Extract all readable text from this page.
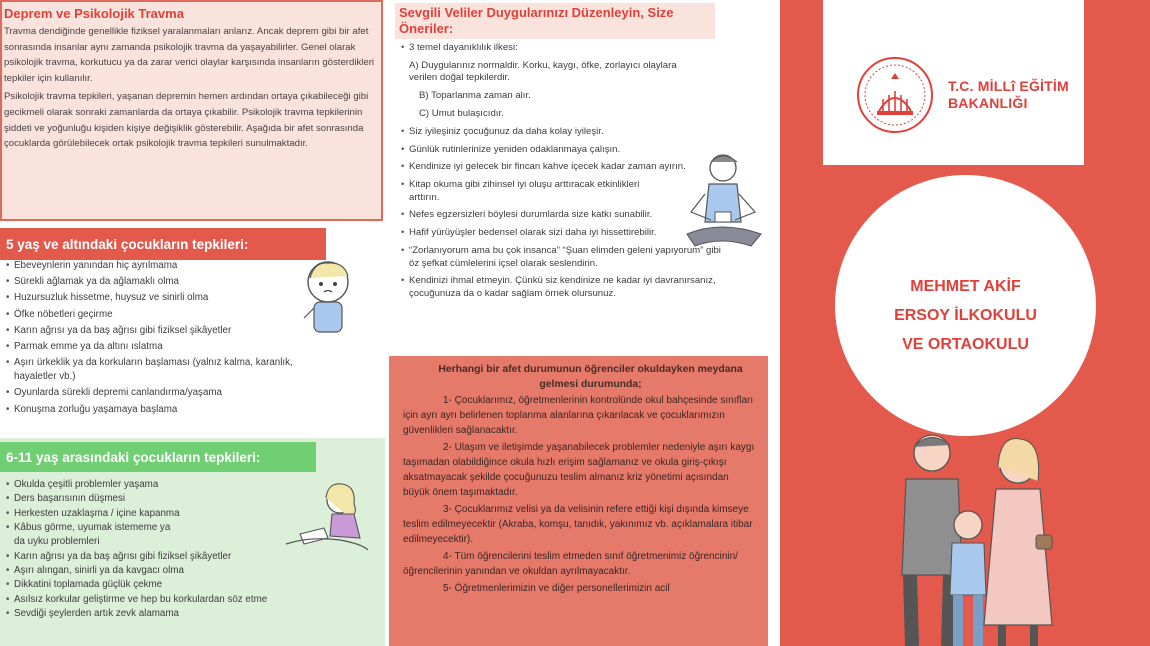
Deprem ve Psikolojik Travma

Travma dendiğinde genellikle fiziksel yaralanmaları anlarız. Ancak deprem gibi bir afet sonrasında insanlar aynı zamanda psikolojik travma da yaşayabilirler. Genel olarak psikolojik travma, korkutucu ya da zarar verici olaylar karşısında insanların gösterdikleri tepkiler için kullanılır.

Psikolojik travma tepkileri, yaşanan depremin hemen ardından ortaya çıkabileceği gibi gecikmeli olarak sonraki zamanlarda da ortaya çıkabilir. Psikolojik travma tepkilerinin şiddeti ve yoğunluğu kişiden kişiye değişiklik gösterebilir. Aşağıda bir afet sonrasında çocuklarda görülebilecek ortak psikolojik travma tepkileri sunulmaktadır.

5 yaş ve altındaki çocukların tepkileri:
• Ebeveynlerin yanından hiç ayrılmama
• Sürekli ağlamak ya da ağlamaklı olma
• Huzursuzluk hissetme, huysuz ve sinirli olma
• Öfke nöbetleri geçirme
• Karın ağrısı ya da baş ağrısı gibi fiziksel şikâyetler
• Parmak emme ya da altını ıslatma
• Aşırı ürkeklik ya da korkuların başlaması (yalnız kalma, karanlık, hayaletler vb.)
• Oyunlarda sürekli depremi canlandırma/yaşama
• Konuşma zorluğu yaşamaya başlama
6-11 yaş arasındaki çocukların tepkileri:
• Okulda çeşitli problemler yaşama
• Ders başarısının düşmesi
• Herkesten uzaklaşma / içine kapanma
• Kâbus görme, uyumak istememe ya da uyku problemleri
• Karın ağrısı ya da baş ağrısı gibi fiziksel şikâyetler
• Aşırı alıngan, sinirli ya da kavgacı olma
• Dikkatini toplamada güçlük çekme
• Asılsız korkular geliştirme ve hep bu korkulardan söz etme
• Sevdiği şeylerden artık zevk alamama
Sevgili Veliler Duygularınızı Düzenleyin, Size Öneriler:
• 3 temel dayanıklılık ilkesi:
A) Duygularınız normaldir. Korku, kaygı, öfke, zorlayıcı olaylara verilen doğal tepkilerdir.
B) Toparlanma zaman alır.
C) Umut bulaşıcıdır.
• Siz iyileşiniz çocuğunuz da daha kolay iyileşir.
• Günlük rutinlerinize yeniden odaklanmaya çalışın.
• Kendinize iyi gelecek bir fincan kahve içecek kadar zaman ayırın.
• Kitap okuma gibi zihinsel iyi oluşu arttıracak etkinlikleri arttırın.
• Nefes egzersizleri böylesi durumlarda size katkı sunabilir.
• Hafif yürüyüşler bedensel olarak sizi daha iyi hissettirebilir.
• “Zorlanıyorum ama bu çok insanca” “Şuan elimden geleni yapıyorum” gibi öz şefkat cümlelerini içsel olarak seslendirin.
• Kendinizi ihmal etmeyin. Çünkü siz kendinize ne kadar iyi davranırsanız, çocuğunuza da o kadar sağlam örnek olursunuz.
Herhangi bir afet durumunun öğrenciler okuldayken meydana gelmesi durumunda;

1- Çocuklarımız, öğretmenlerinin kontrolünde okul bahçesinde sınıfları için ayrı ayrı belirlenen toplanma alanlarına çıkarılacak ve çocuklarımızın güvenlikleri sağlanacaktır.

2- Ulaşım ve iletişimde yaşanabilecek problemler nedeniyle aşırı kaygı taşımadan olabildiğince okula hızlı erişim sağlamanız ve okula giriş-çıkışı aksatmayacak şekilde çocuğunuzu teslim almanız kriz yönetimi açısından büyük önem taşımaktadır.

3- Çocuklarımız velisi ya da velisinin refere ettiği kişi dışında kimseye teslim edilmeyecektir (Akraba, komşu, tanıdık, yakınımız vb. açıklamalara itibar edilmeyecektir).

4- Tüm öğrencilerini teslim etmeden sınıf öğretmenimiz öğrencinin/öğrencilerinin yanından ve okuldan ayrılmayacaktır.

5- Öğretmenlerimizin ve diğer personellerimizin acil

T.C. MİLLî EĞİTİM
BAKANLIĞI
MEHMET AKİF
ERSOY İLKOKULU
VE ORTAOKULU
